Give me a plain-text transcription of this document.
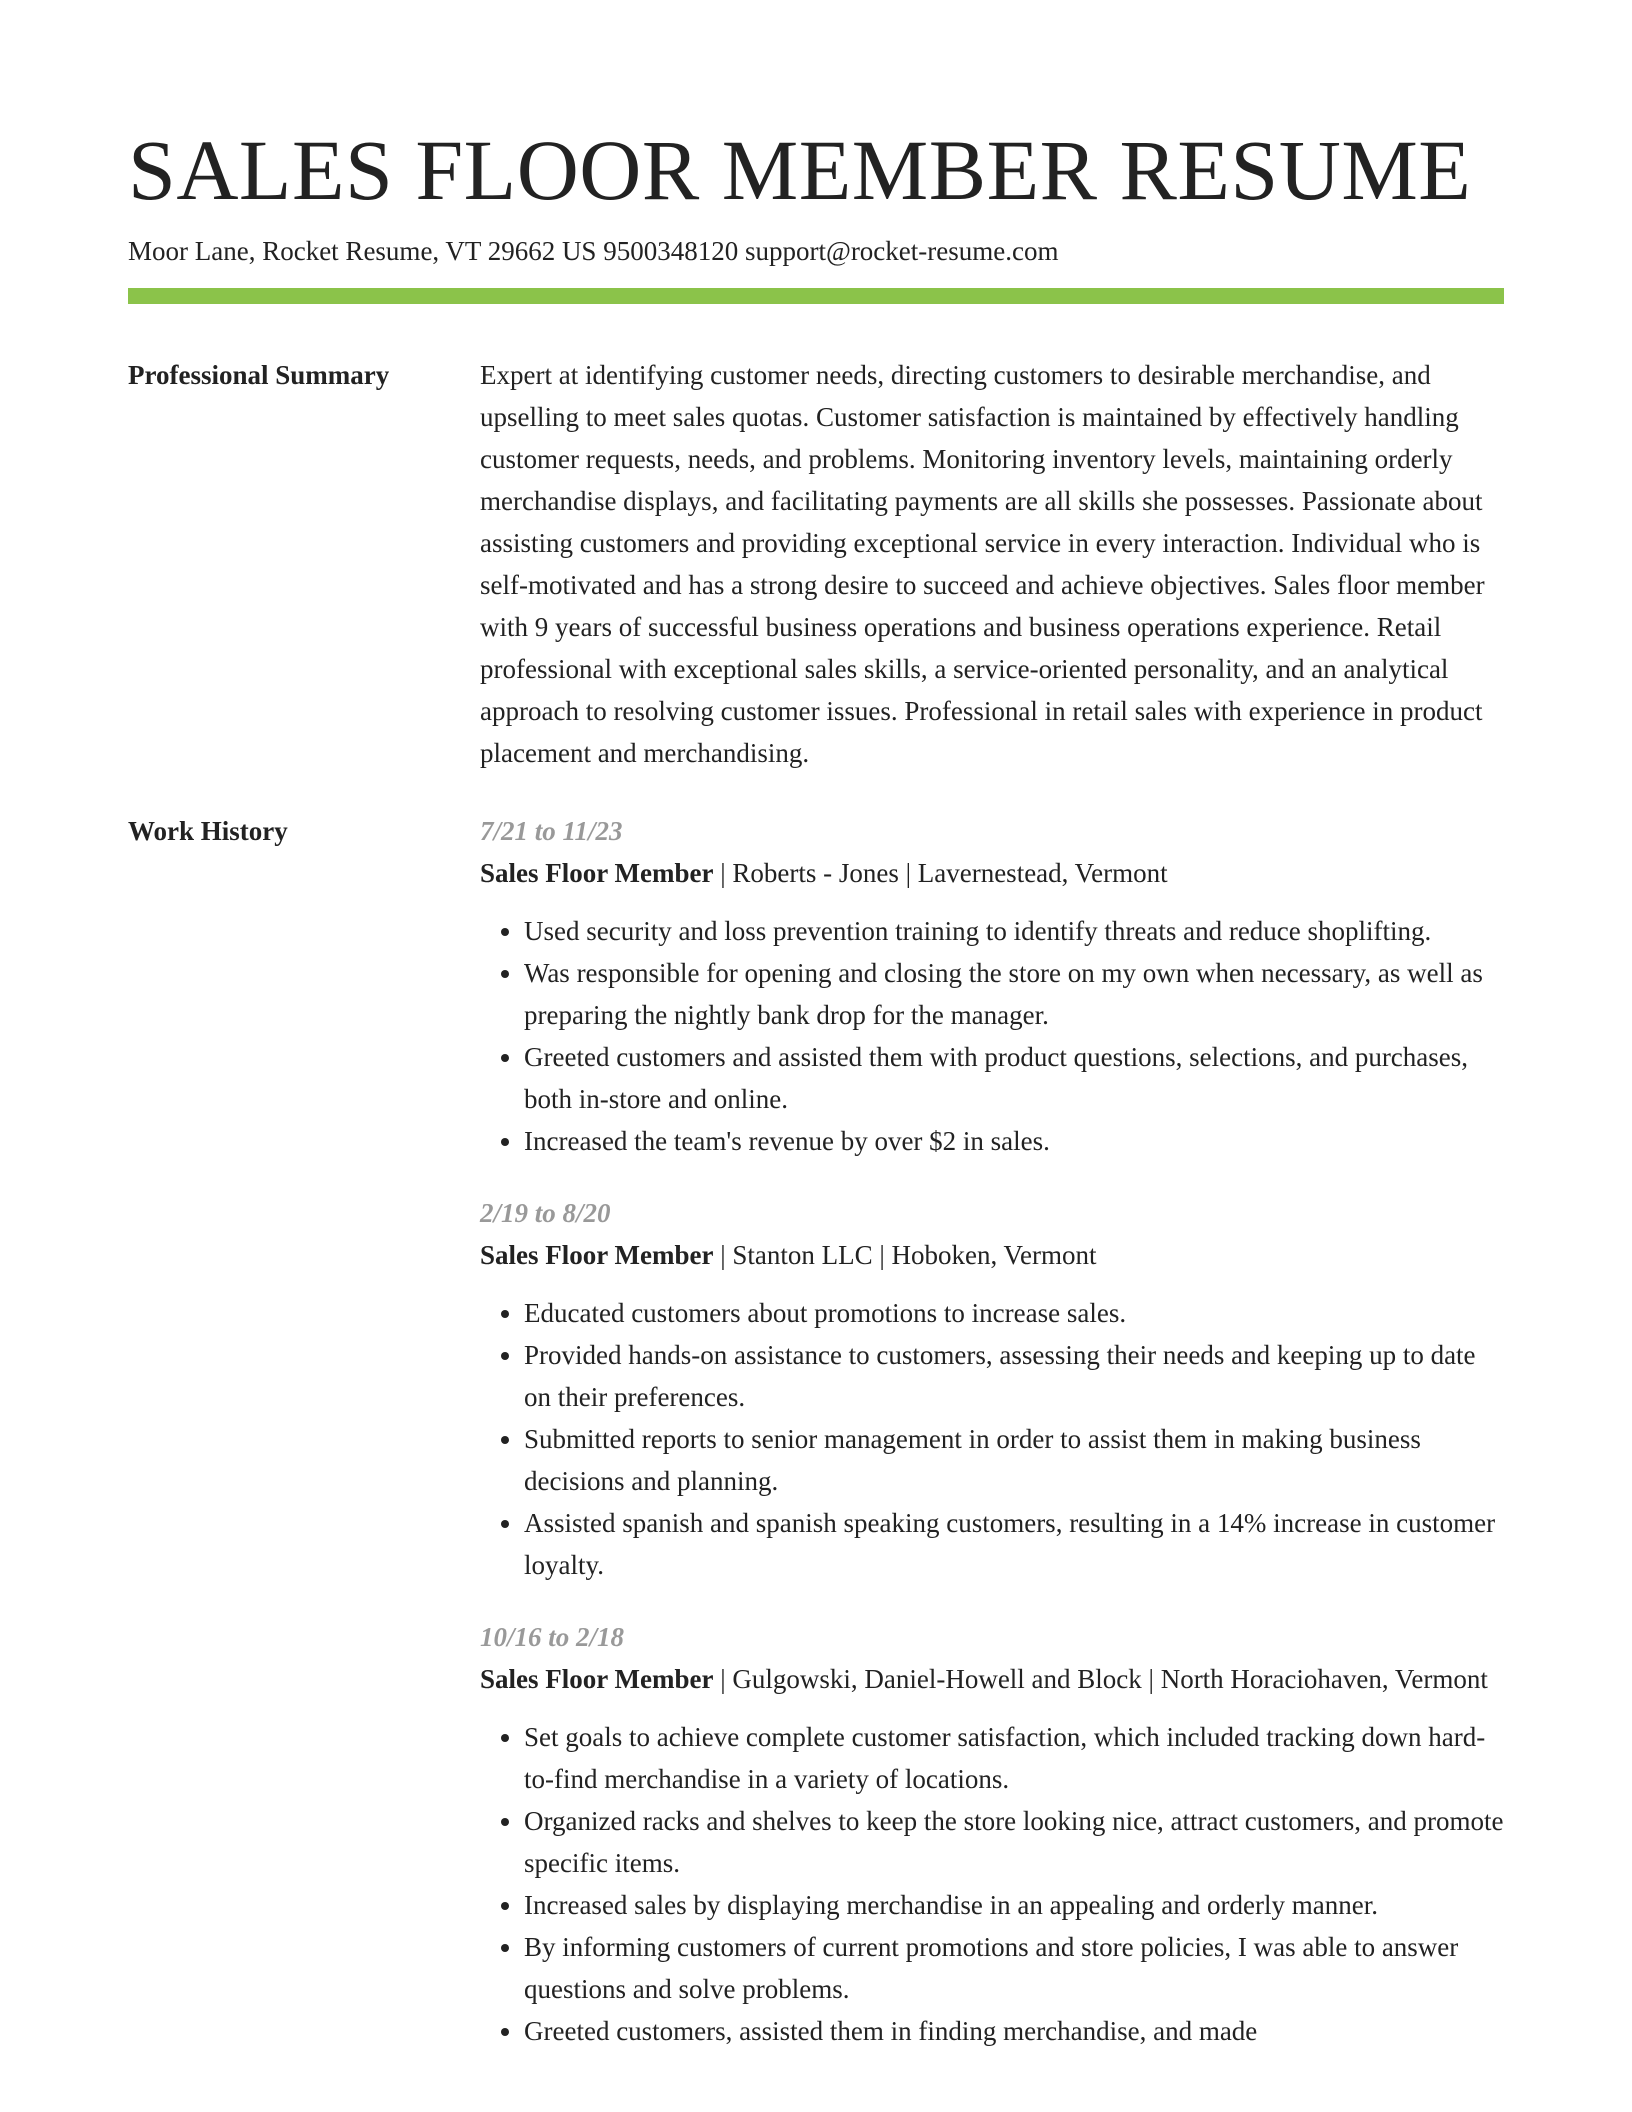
SALES FLOOR MEMBER RESUME
Moor Lane, Rocket Resume, VT 29662 US 9500348120 support@rocket-resume.com
Professional Summary	Expert at identifying customer needs, directing customers to desirable merchandise, and upselling to meet sales quotas. Customer satisfaction is maintained by effectively handling customer requests, needs, and problems. Monitoring inventory levels, maintaining orderly merchandise displays, and facilitating payments are all skills she possesses. Passionate about assisting customers and providing exceptional service in every interaction. Individual who is self-motivated and has a strong desire to succeed and achieve objectives. Sales floor member with 9 years of successful business operations and business operations experience. Retail professional with exceptional sales skills, a service-oriented personality, and an analytical approach to resolving customer issues. Professional in retail sales with experience in product placement and merchandising.

Work History	7/21 to 11/23
Sales Floor Member | Roberts - Jones | Lavernestead, Vermont
• Used security and loss prevention training to identify threats and reduce shoplifting.
• Was responsible for opening and closing the store on my own when necessary, as well as preparing the nightly bank drop for the manager.
• Greeted customers and assisted them with product questions, selections, and purchases, both in-store and online.
• Increased the team's revenue by over $2 in sales.
2/19 to 8/20
Sales Floor Member | Stanton LLC | Hoboken, Vermont
• Educated customers about promotions to increase sales.
• Provided hands-on assistance to customers, assessing their needs and keeping up to date on their preferences.
• Submitted reports to senior management in order to assist them in making business decisions and planning.
• Assisted spanish and spanish speaking customers, resulting in a 14% increase in customer loyalty.
10/16 to 2/18
Sales Floor Member | Gulgowski, Daniel-Howell and Block | North Horaciohaven, Vermont
• Set goals to achieve complete customer satisfaction, which included tracking down hard-to-find merchandise in a variety of locations.
• Organized racks and shelves to keep the store looking nice, attract customers, and promote specific items.
• Increased sales by displaying merchandise in an appealing and orderly manner.
• By informing customers of current promotions and store policies, I was able to answer questions and solve problems.
• Greeted customers, assisted them in finding merchandise, and made
